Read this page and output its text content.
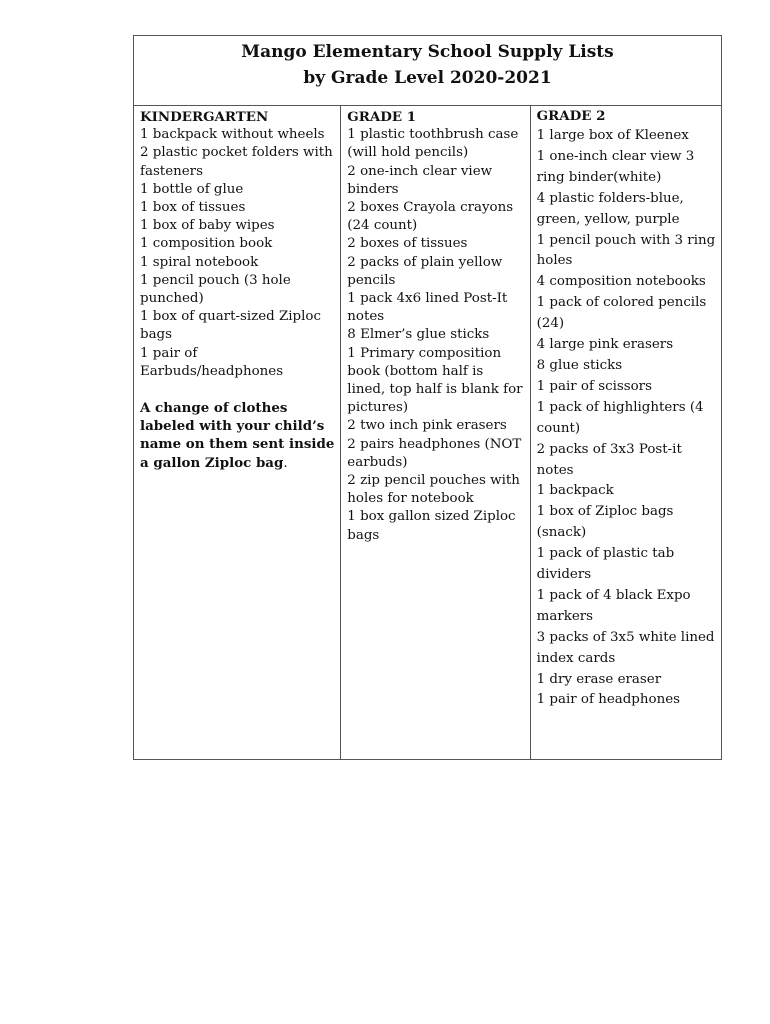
Mango Elementary School Supply Lists
by Grade Level 2020-2021
KINDERGARTEN
1 backpack without wheels
2 plastic pocket folders with fasteners
1 bottle of glue
1 box of tissues
1 box of baby wipes
1 composition book
1 spiral notebook
1 pencil pouch (3 hole punched)
1 box of quart-sized Ziploc bags
1 pair of Earbuds/headphones
A change of clothes labeled with your child’s name on them sent inside a gallon Ziploc bag.
GRADE 1
1 plastic toothbrush case (will hold pencils)
2 one-inch clear view binders
2 boxes Crayola crayons (24 count)
2 boxes of tissues
2 packs of plain yellow pencils
1 pack 4x6 lined Post-It notes
8 Elmer’s glue sticks
1 Primary composition book (bottom half is lined, top half is blank for pictures)
2 two inch pink erasers
2 pairs headphones (NOT earbuds)
2 zip pencil pouches with holes for notebook
1 box gallon sized Ziploc bags
GRADE 2
1 large box of Kleenex
1 one-inch clear view 3 ring binder(white)
4 plastic folders-blue, green, yellow, purple
1 pencil pouch with 3 ring holes
4 composition notebooks
1 pack of colored pencils (24)
4 large pink erasers
8 glue sticks
1 pair of scissors
1 pack of highlighters (4 count)
2 packs of 3x3 Post-it notes
1 backpack
1 box of Ziploc bags (snack)
1 pack of plastic tab dividers
1 pack of 4 black Expo markers
3 packs of 3x5 white lined index cards
1 dry erase eraser
1 pair of headphones
